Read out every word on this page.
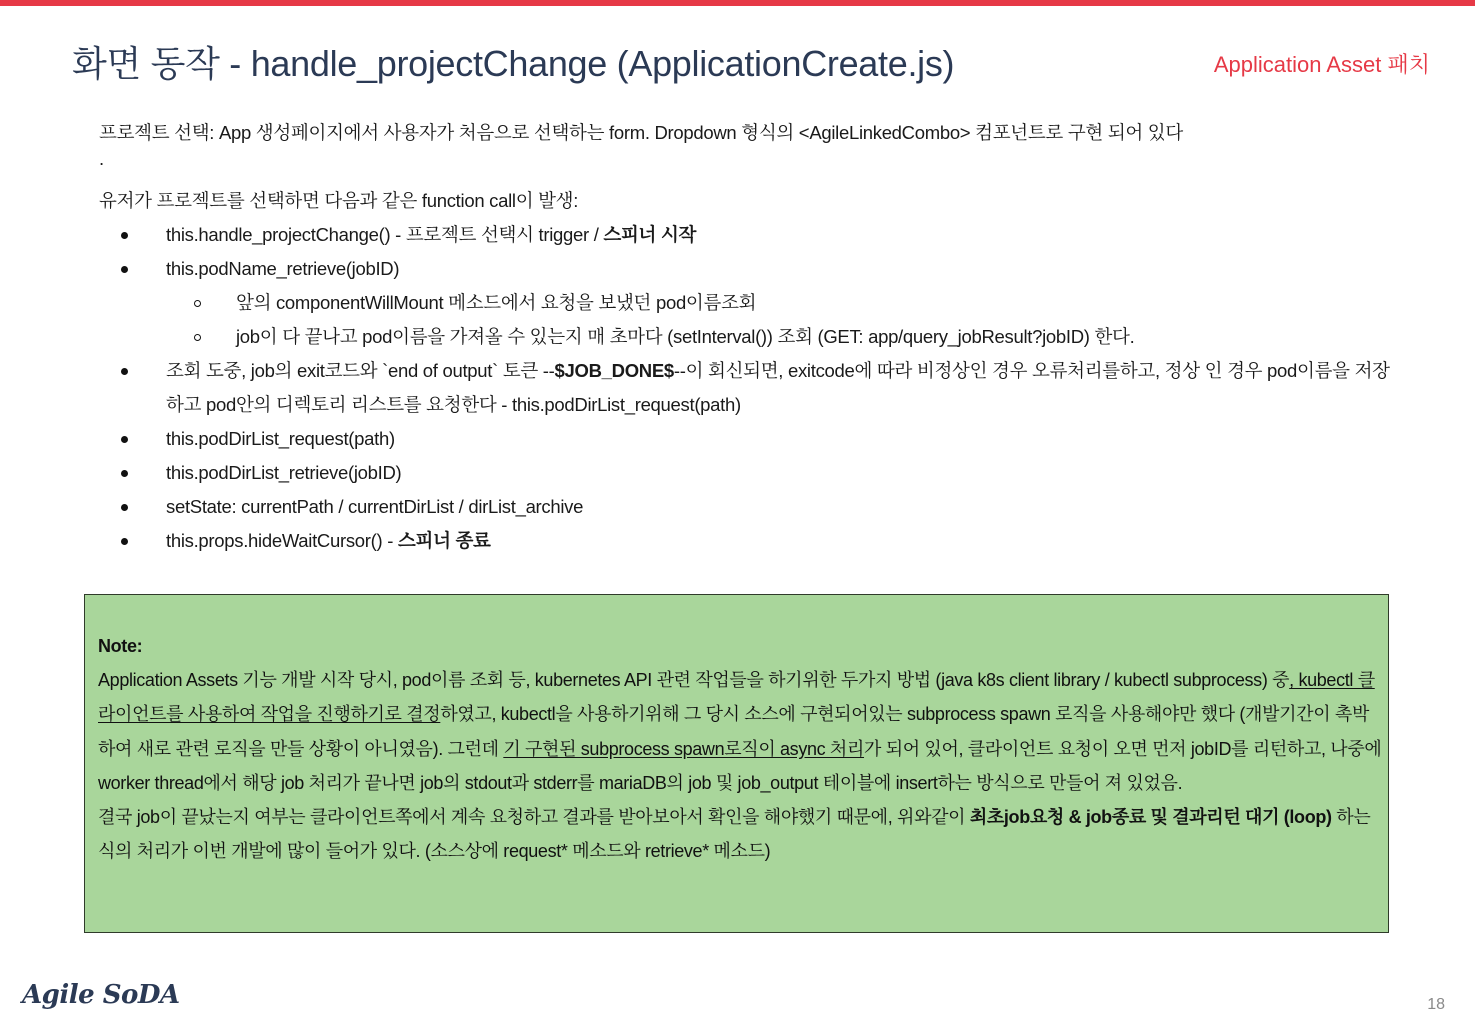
화면 동작 - handle_projectChange (ApplicationCreate.js)	Application Asset 패치
프로젝트 선택: App 생성페이지에서 사용자가 처음으로 선택하는 form. Dropdown 형식의 <AgileLinkedCombo> 컴포넌트로 구현 되어 있다
.
유저가 프로젝트를 선택하면 다음과 같은 function call이 발생:
this.handle_projectChange() - 프로젝트 선택시 trigger / 스피너 시작
this.podName_retrieve(jobID)
앞의 componentWillMount 메소드에서 요청을 보냈던 pod이름조회
job이 다 끝나고 pod이름을 가져올 수 있는지 매 초마다 (setInterval()) 조회 (GET: app/query_jobResult?jobID) 한다.
조회 도중, job의 exit코드와 `end of output` 토큰 --$JOB_DONE$--이 회신되면, exitcode에 따라 비정상인 경우 오류처리를하고, 정상 인 경우 pod이름을 저장하고 pod안의 디렉토리 리스트를 요청한다 - this.podDirList_request(path)
this.podDirList_request(path)
this.podDirList_retrieve(jobID)
setState: currentPath / currentDirList / dirList_archive
this.props.hideWaitCursor() - 스피너 종료
Note:
Application Assets 기능 개발 시작 당시, pod이름 조회 등, kubernetes API 관련 작업들을 하기위한 두가지 방법 (java k8s client library / kubectl subprocess) 중, kubectl 클라이언트를 사용하여 작업을 진행하기로 결정하였고, kubectl을 사용하기위해 그 당시 소스에 구현되어있는 subprocess spawn 로직을 사용해야만 했다 (개발기간이 촉박하여 새로 관련 로직을 만들 상황이 아니였음). 그런데 기 구현된 subprocess spawn로직이 async 처리가 되어 있어, 클라이언트 요청이 오면 먼저 jobID를 리턴하고, 나중에 worker thread에서 해당 job 처리가 끝나면 job의 stdout과 stderr를 mariaDB의 job 및 job_output 테이블에 insert하는 방식으로 만들어 져 있었음.
결국 job이 끝났는지 여부는 클라이언트쪽에서 계속 요청하고 결과를 받아보아서 확인을 해야했기 때문에, 위와같이 최초job요청 & job종료 및 결과리턴 대기 (loop) 하는 식의 처리가 이번 개발에 많이 들어가 있다. (소스상에 request* 메소드와 retrieve* 메소드)
Agile SoDA	18
